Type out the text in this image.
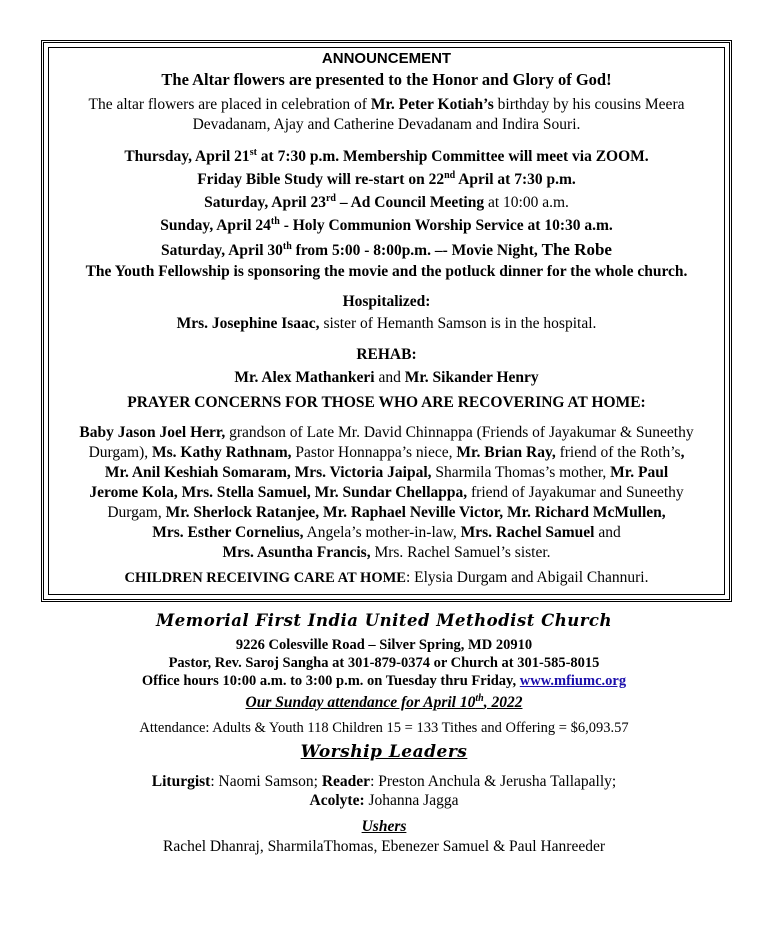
ANNOUNCEMENT
The Altar flowers are presented to the Honor and Glory of God!
The altar flowers are placed in celebration of Mr. Peter Kotiah’s birthday by his cousins Meera
Devadanam, Ajay and Catherine Devadanam and Indira Souri.
Thursday, April 21st at 7:30 p.m. Membership Committee will meet via ZOOM.
Friday Bible Study will re-start on 22nd April at 7:30 p.m.
Saturday, April 23rd – Ad Council Meeting at 10:00 a.m.
Sunday, April 24th - Holy Communion Worship Service at 10:30 a.m.
Saturday, April 30th from 5:00 - 8:00p.m. –- Movie Night, The Robe
The Youth Fellowship is sponsoring the movie and the potluck dinner for the whole church.
Hospitalized:
Mrs. Josephine Isaac, sister of Hemanth Samson is in the hospital.
REHAB:
Mr. Alex Mathankeri and Mr. Sikander Henry
PRAYER CONCERNS FOR THOSE WHO ARE RECOVERING AT HOME:
Baby Jason Joel Herr, grandson of Late Mr. David Chinnappa (Friends of Jayakumar & Suneethy
Durgam), Ms. Kathy Rathnam, Pastor Honnappa’s niece, Mr. Brian Ray, friend of the Roth’s,
Mr. Anil Keshiah Somaram, Mrs. Victoria Jaipal, Sharmila Thomas’s mother, Mr. Paul
Jerome Kola, Mrs. Stella Samuel, Mr. Sundar Chellappa, friend of Jayakumar and Suneethy
Durgam, Mr. Sherlock Ratanjee, Mr. Raphael Neville Victor, Mr. Richard McMullen,
Mrs. Esther Cornelius, Angela’s mother-in-law, Mrs. Rachel Samuel and
Mrs. Asuntha Francis, Mrs. Rachel Samuel’s sister.
CHILDREN RECEIVING CARE AT HOME: Elysia Durgam and Abigail Channuri.
Memorial First India United Methodist Church
9226 Colesville Road – Silver Spring, MD 20910
Pastor, Rev. Saroj Sangha at 301-879-0374 or Church at 301-585-8015
Office hours 10:00 a.m. to 3:00 p.m. on Tuesday thru Friday, www.mfiumc.org
Our Sunday attendance for April 10th, 2022
Attendance: Adults & Youth 118 Children 15 = 133 Tithes and Offering = $6,093.57
Worship Leaders
Liturgist: Naomi Samson; Reader: Preston Anchula & Jerusha Tallapally;
Acolyte: Johanna Jagga
Ushers
Rachel Dhanraj, SharmilaThomas, Ebenezer Samuel & Paul Hanreeder
